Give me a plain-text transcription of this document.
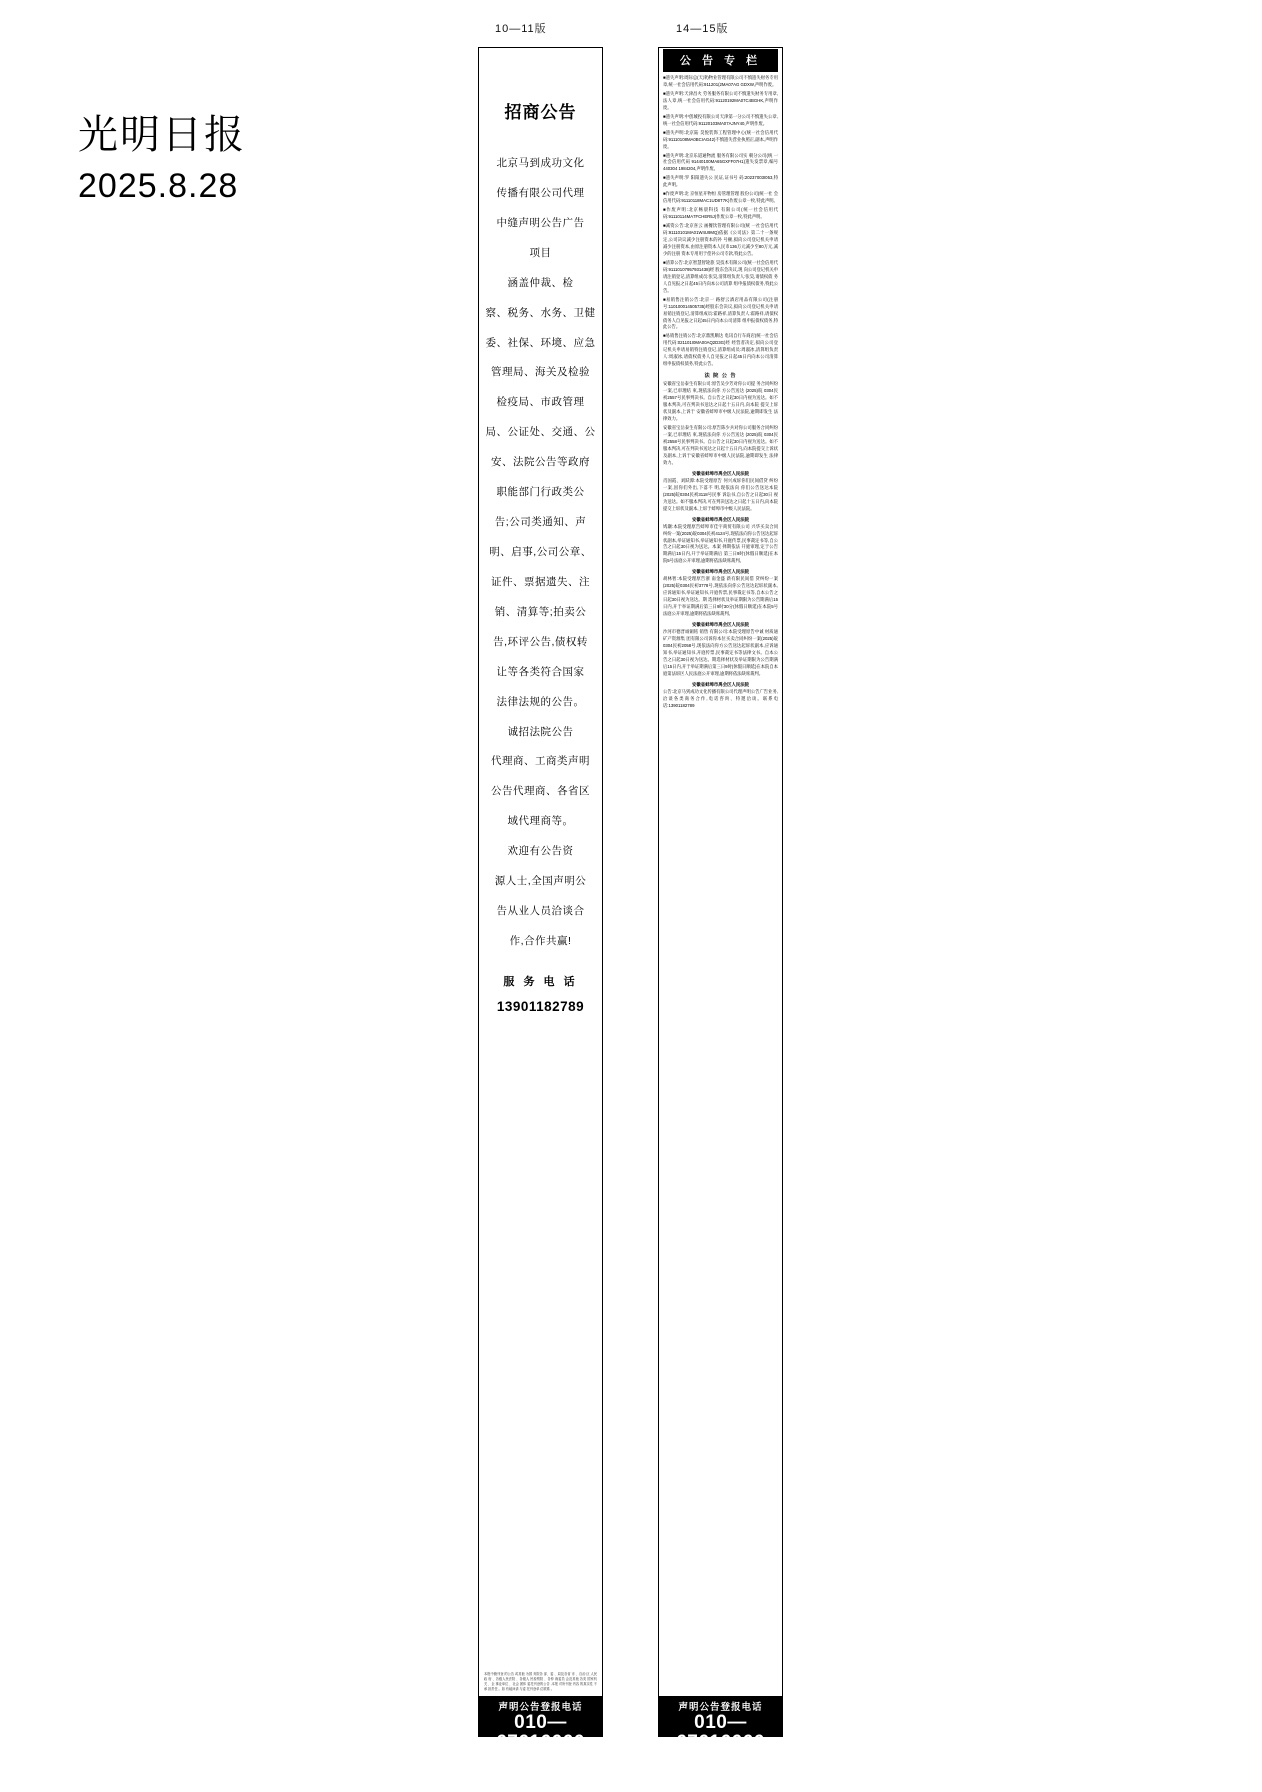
光明日报
2025.8.28
10—11版	14—15版
招商公告

北京马到成功文化

传播有限公司代理

中缝声明公告广告

项目

涵盖仲裁、检

察、税务、水务、卫健

委、社保、环境、应急

管理局、海关及检验

检疫局、市政管理

局、公证处、交通、公

安、法院公告等政府

职能部门行政类公

告;公司类通知、声

明、启事,公司公章、

证件、票据遗失、注

销、清算等;拍卖公

告,环评公告,债权转

让等各类符合国家

法律法规的公告。

诚招法院公告

代理商、工商类声明

公告代理商、各省区

域代理商等。

欢迎有公告资

源人士,全国声明公

告从业人员洽谈合

作,合作共赢!

服 务 电 话
13901182789
本报中缝刊登 的公告 或其他 为国 务院各 部、委 、局及各省 市 、自治 区 人民政 府 、各级人民法院 、各级人 民检察院 、各仲 裁委员 会及其他 各类 国家机关 、企 事业单位 、社会 团体 委托刊登的公告 ,本报 对所刊登 内容 的真实性 不承 担责任 。如 有疑问请 与委 托刊登单 位联系 。
声明公告登报电话
010—67616666
公 告 专 栏

■遗失声明:周际总(天津)物业管理有限公司不慎遗失财务专用章,统一社会信用代码:911201(2MA07AG GDXW,声明作废。

■遗失声明:天津昌火 劳务服务有限公司不慎遗失财务专用章,法人章,统一社会信用代码:91120192MA07C4BGHK,声明作废。

■遗失声明:中创城投有限公司天津第一分公司不慎遗失公章,统一社会信用代码:91120103MA07AJNY40,声明作废。

■遗失声明:北京陆 昊悦装饰工程管理中心(统一社会信用代码:91110108MA0BCIAG42)不慎遗失营业执照正,副本,声明作废。

■遗失声明:北京乐道通物流 服务有限公司实 朝分公司(统 一社会信用代码 91440100MA65GXFF07H1)遗失发票章,编号440304 1984204,声明作废。

■遗失声明:罗 阳阳遗失公 民证,证书号 码:20237003I053,特此声明。

■作废声明:北 京恒星开物恒 房管理管理 股份公司(统一社 会信用代码:91110118MAC1UD8T7K)作废公章一枚,特此声明。

■作废声明:北京畅晨科技 有限公司(统一社会信用代码:91110114MA7FCHER5J)作废公章一枚,特此声明。

■减资公告:北京喜云 画餐饮管理有限公司(统 一社会信用代码:91110101MA01W4U9MQ)依据《公司法》第二十一条规定,公司决议减少注册资本的补 号额,拟向公司登记机关申请减少注册资本,由原注册资本人民币136万元减少至80万元,减少的注册 资本专用用于偿补公司专款,特此公告。

■清算公告:北京智慧智轮旅 昊技术有限公司(统一社会信用代码:91110107957931438)经 股东会决议,现 向公司登记机关申请注销登记,清算组成员:张昊,清算组负责人:张昊,请债权债 务人自见报之日起45日内向本公司清算 组申报债权债务,特此公告。

■易销售注销公告:北京一 路舒云酒店用品有限公司(注册号:110100014505735)经股东会决议,拟向公司登记机关申请 易销注销登记,清算组成员:霍路祥,清算负责人:霍路祥,请债权债务人自见报之日起45日内向本公司清算 组申报债权债务,特此公告。

■易销售注销公告:北京鼎凯顺达 电讯自行车商店(统一社会信用代码:021101I0MA00AQ2D3G)经 经营者决定,拟向公司登记机关申请易销特注销登记,清算组成员:周淑冰,清算组负责人:周淑冰,请债权债务人自见报之日起45日内向本公司清算 组申报债权债务,特此公告。

法 院 公 告

安徽省宝岳泰生有限公司:原告吴少芳对你公司提 务合同纠纷一案,已审理结 束,现依法向你 方公告送达 (2025)皖 0304民初2557号民事判决书。自公告之日起30日内视为送达。如不 服本判决,可在判决书送达之日起十五日内,向本院 提交上诉状及副本,上诉于 安徽省蚌埠市中级人民法院,逾期即发生 法律效力。

安徽省宝岳泰生有限公司:原告陈少兵对你公司服务合同纠纷一案,已审理结 束,现依法向你 方公告送达 (2025)皖 0304民初2558号民事判决书。自公告之日起30日内视为送达。如不 服本判决,可在判决书送达之日起十五日内,向本院提交上诉状及副本,上诉于安徽省蚌埠市中级人民法院,逾期即发生 法律效力。

安徽省蚌埠市禹会区人民法院

肖国霞、刘跃潭:本院受理原告 何兴成诉你们民间借贷 纠纷一案,因你们外出,下落不 明,现依法向 你们公告送达本院(2025)皖0304民初3118号民事 诉讼书,自公告之日起30日 视为送达。如不服本判决,可在判决送达之日起十五日内,向本院提交上诉状及副本,上诉于蚌埠市中级人民法院。

安徽省蚌埠市禹会区人民法院

鸠灏:本院受理原告蚌埠市佳宇商贸有限公司 兴华买卖合同 纠纷一案(2025)皖0304民初4124号,现依法向你公告送达起诉状副本,举证通知书,举证通知书,开庭传票,民事裁定书等,自公告之日起30日视为送达。本案 择期依法 开庭审理,定于公告期满后15日内,开于举证期满后 第三日9时(休假日顺延)在本院5号法庭公开审理,逾期将依法缺席裁判。

安徽省蚌埠市禹会区人民法院

胡林智:本院受理原告浙 南金盛 新有限民间借 贷纠纷一案(2025)皖0304民初3778号,现依法向你公告送达起诉状副本,应诉通知书,举证通知书,开庭传票,民事裁定书等,自本公告之日起30日视为送达。期 选择材状及举证期限为公告期满后15日内,开于举证期满后第三日9时30分(休假日顺延)在本院5号法庭公开审理,逾期将依法缺席裁判。

安徽省蚌埠市禹会区人民法院

沙河市德晋诚铜铭 销售 有限公司:本院受理原告中诚 材质通矿产资源集 团有限公司诉你本位买卖合同纠纷一案(2025)皖0304民初2058号,现依法向你方公告送达起诉状副本,应诉通知书,举证通知书,开庭传票,民事裁定书等法律文书。自本公告之日起30日视为送达。期选择材状及举证期限为公告期满后15日内,开于举证期满后第三日9时(休假日顺延)在本院自本 庭第法诉区人民法庭公开审理,逾期将依法缺席裁判。

安徽省蚌埠市禹会区人民法院

公告:北京马到成功文化传播有限公司代理声明公告广告业务,洽谈各类商务合作,电话咨询、特邀洽谈。联系电话:13901182789

声明公告登报电话
010—67616666
